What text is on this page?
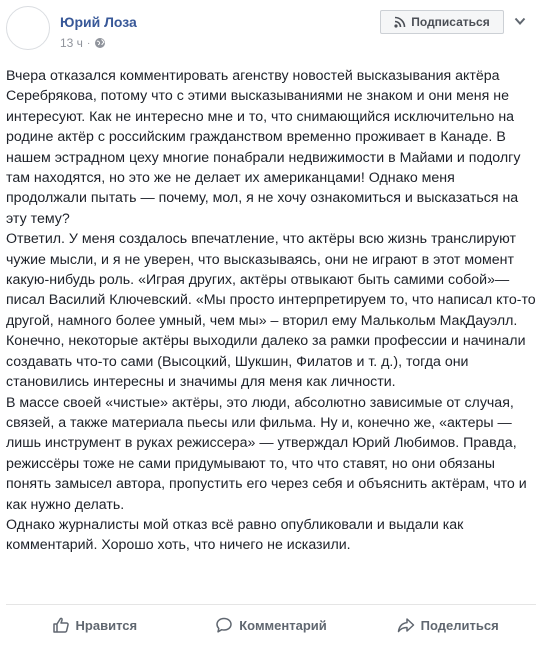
Юрий Лоза
13 ч ·
Подписаться

Вчера отказался комментировать агенству новостей высказывания актёра Серебрякова, потому что с этими высказываниями не знаком и они меня не интересуют. Как не интересно мне и то, что снимающийся исключительно на родине актёр с российским гражданством временно проживает в Канаде. В нашем эстрадном цеху многие понабрали недвижимости в Майами и подолгу там находятся, но это же не делает их американцами! Однако меня продолжали пытать — почему, мол, я не хочу ознакомиться и высказаться на эту тему?

Ответил. У меня создалось впечатление, что актёры всю жизнь транслируют чужие мысли, и я не уверен, что высказываясь, они не играют в этот момент какую-нибудь роль. «Играя других, актёры отвыкают быть самими собой»— писал Василий Ключевский. «Мы просто интерпретируем то, что написал кто-то другой, намного более умный, чем мы» – вторил ему Малькольм МакДауэлл. Конечно, некоторые актёры выходили далеко за рамки профессии и начинали создавать что-то сами (Высоцкий, Шукшин, Филатов и т. д.), тогда они становились интересны и значимы для меня как личности.

В массе своей «чистые» актёры, это люди, абсолютно зависимые от случая, связей, а также материала пьесы или фильма. Ну и, конечно же, «актеры — лишь инструмент в руках режиссера» — утверждал Юрий Любимов. Правда, режиссёры тоже не сами придумывают то, что что ставят, но они обязаны понять замысел автора, пропустить его через себя и объяснить актёрам, что и как нужно делать.

Однако журналисты мой отказ всё равно опубликовали и выдали как комментарий. Хорошо хоть, что ничего не исказили.

Нравится	Комментарий	Поделиться
